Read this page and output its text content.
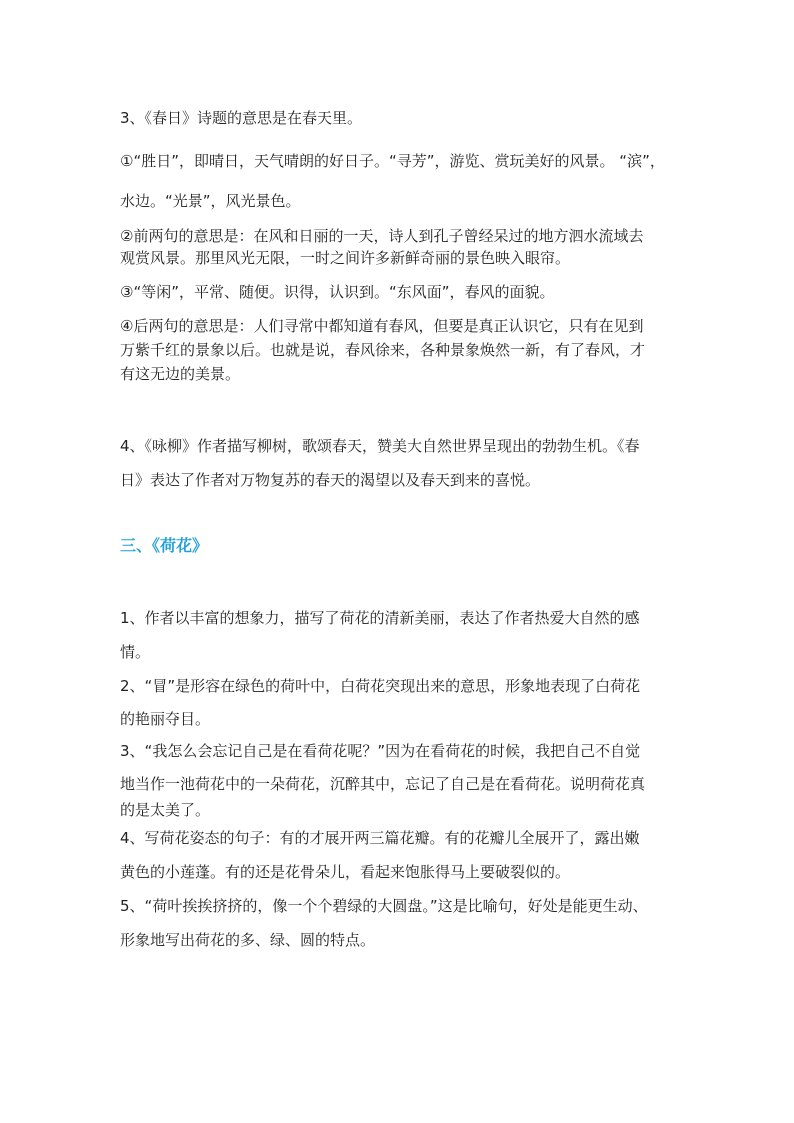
3、《春日》诗题的意思是在春天里。
①“胜日”，即晴日，天气晴朗的好日子。“寻芳”，游览、赏玩美好的风景。 “滨”，
水边。“光景”，风光景色。
②前两句的意思是：在风和日丽的一天，诗人到孔子曾经呆过的地方泗水流域去
观赏风景。那里风光无限，一时之间许多新鲜奇丽的景色映入眼帘。
③“等闲”，平常、随便。识得，认识到。“东风面”，春风的面貌。
④后两句的意思是：人们寻常中都知道有春风，但要是真正认识它，只有在见到
万紫千红的景象以后。也就是说，春风徐来，各种景象焕然一新，有了春风，才
有这无边的美景。
4、《咏柳》作者描写柳树，歌颂春天，赞美大自然世界呈现出的勃勃生机。《春
日》表达了作者对万物复苏的春天的渴望以及春天到来的喜悦。
三、《荷花》
1、作者以丰富的想象力，描写了荷花的清新美丽，表达了作者热爱大自然的感
情。
2、“冒”是形容在绿色的荷叶中，白荷花突现出来的意思，形象地表现了白荷花
的艳丽夺目。
3、“我怎么会忘记自己是在看荷花呢？”因为在看荷花的时候，我把自己不自觉
地当作一池荷花中的一朵荷花，沉醉其中，忘记了自己是在看荷花。说明荷花真
的是太美了。
4、写荷花姿态的句子：有的才展开两三篇花瓣。有的花瓣儿全展开了，露出嫩
黄色的小莲蓬。有的还是花骨朵儿，看起来饱胀得马上要破裂似的。
5、“荷叶挨挨挤挤的，像一个个碧绿的大圆盘。”这是比喻句，好处是能更生动、
形象地写出荷花的多、绿、圆的特点。
